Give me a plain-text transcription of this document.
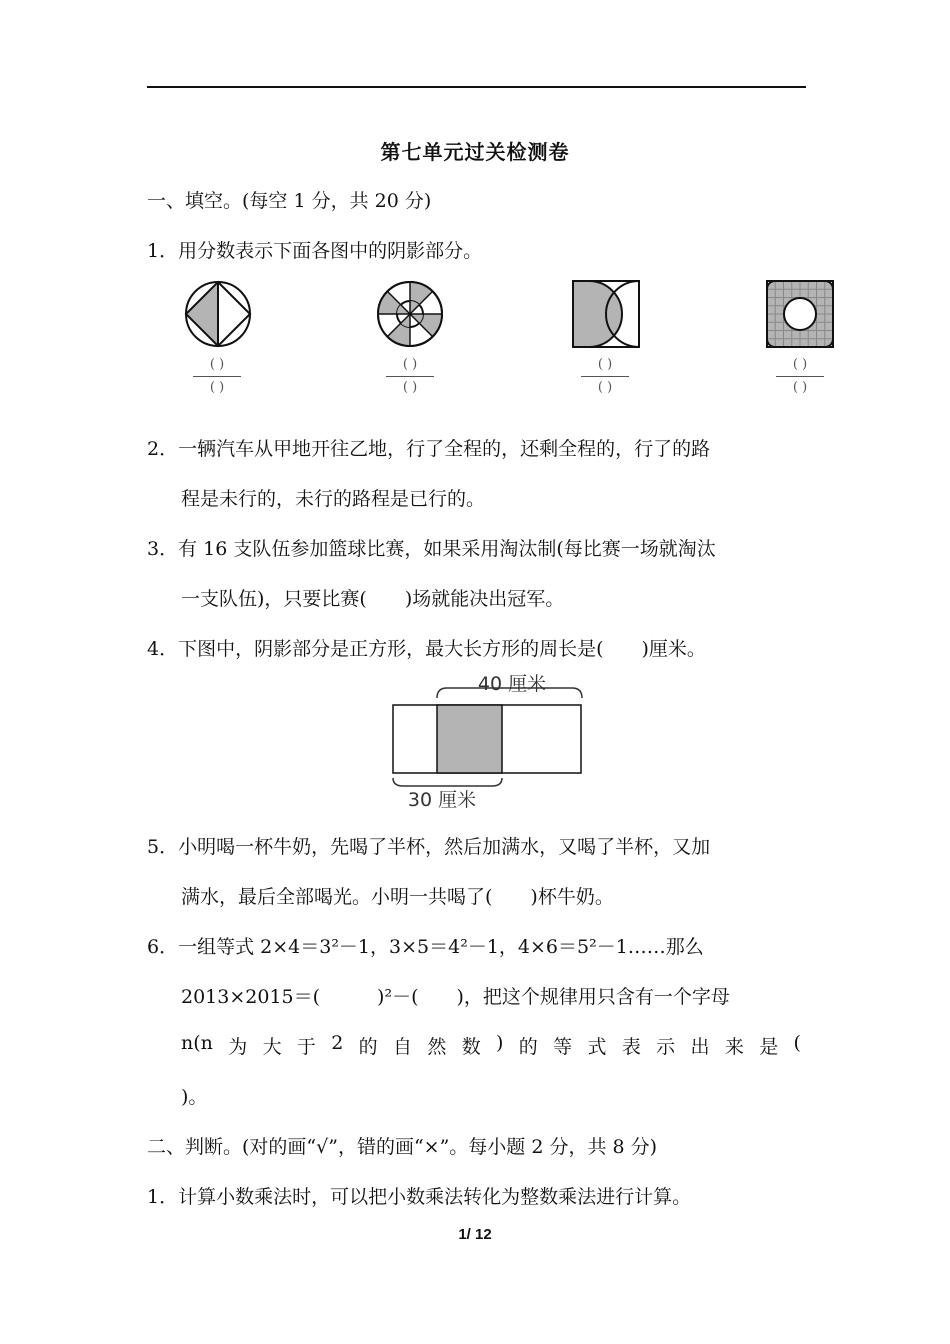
第七单元过关检测卷
一、填空。(每空 1 分，共 20 分)
1．用分数表示下面各图中的阴影部分。
( )
( )
( )
( )
( )
( )
( )
( )
2．一辆汽车从甲地开往乙地，行了全程的，还剩全程的，行了的路
程是未行的，未行的路程是已行的。
3．有 16 支队伍参加篮球比赛，如果采用淘汰制(每比赛一场就淘汰
一支队伍)，只要比赛(　　)场就能决出冠军。
4．下图中，阴影部分是正方形，最大长方形的周长是(　　)厘米。
40 厘米
30 厘米
5．小明喝一杯牛奶，先喝了半杯，然后加满水，又喝了半杯，又加
满水，最后全部喝光。小明一共喝了(　　)杯牛奶。
6．一组等式 2×4＝3²－1，3×5＝4²－1，4×6＝5²－1……那么
2013×2015＝(　　　)²－(　　)，把这个规律用只含有一个字母
n(n 为 大 于 2 的 自 然 数 ) 的 等 式 表 示 出 来 是 (
)。
二、判断。(对的画“√”，错的画“×”。每小题 2 分，共 8 分)
1．计算小数乘法时，可以把小数乘法转化为整数乘法进行计算。
1/ 12
